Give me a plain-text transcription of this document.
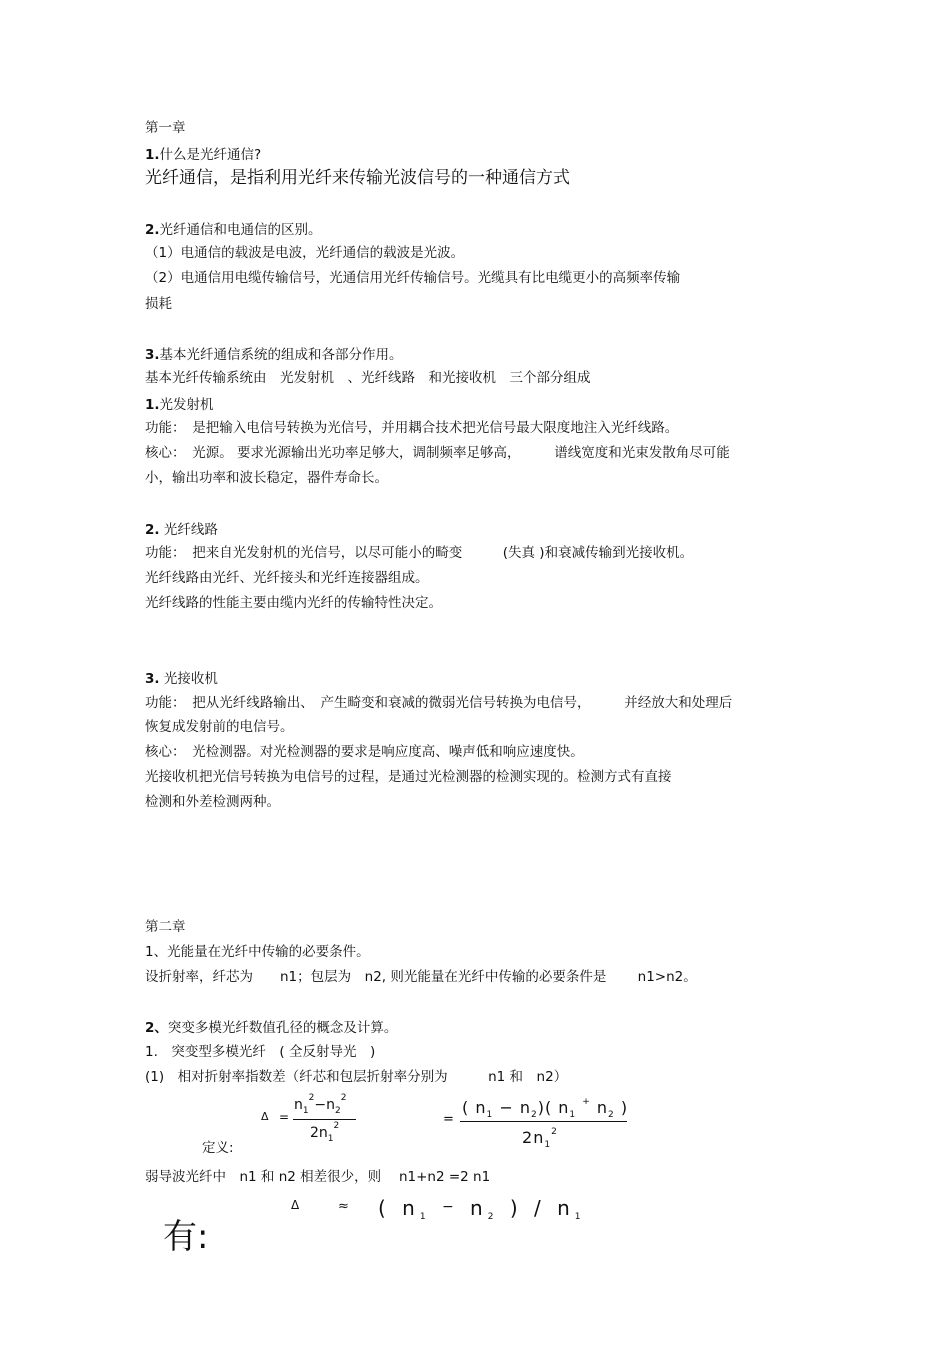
第一章
1.什么是光纤通信?
光纤通信，是指利用光纤来传输光波信号的一种通信方式
2.光纤通信和电通信的区别。
（1）电通信的载波是电波，光纤通信的载波是光波。
（2）电通信用电缆传输信号，光通信用光纤传输信号。光缆具有比电缆更小的高频率传输
损耗
3.基本光纤通信系统的组成和各部分作用。
基本光纤传输系统由　光发射机　、光纤线路　和光接收机　三个部分组成
1.光发射机
功能：　是把输入电信号转换为光信号，并用耦合技术把光信号最大限度地注入光纤线路。
核心：　光源。 要求光源输出光功率足够大，调制频率足够高，　　　谱线宽度和光束发散角尽可能
小，输出功率和波长稳定，器件寿命长。
2. 光纤线路
功能：　把来自光发射机的光信号，以尽可能小的畸变　　　(失真 )和衰减传输到光接收机。
光纤线路由光纤、光纤接头和光纤连接器组成。
光纤线路的性能主要由缆内光纤的传输特性决定。
3. 光接收机
功能：　把从光纤线路输出、　产生畸变和衰减的微弱光信号转换为电信号，　　　并经放大和处理后
恢复成发射前的电信号。
核心：　光检测器。对光检测器的要求是响应度高、噪声低和响应速度快。
光接收机把光信号转换为电信号的过程，是通过光检测器的检测实现的。检测方式有直接
检测和外差检测两种。
第二章
1、光能量在光纤中传输的必要条件。
设折射率，纤芯为　　n1；包层为　n2, 则光能量在光纤中传输的必要条件是　　 n1>n2。
2、突变多模光纤数值孔径的概念及计算。
1.　突变型多模光纤　( 全反射导光　)
(1)　相对折射率指数差（纤芯和包层折射率分别为　　　n1 和　n2）
Δ =
$n_1^2-n_2^2$
$2n_1^2$
定义:
=
( $n_1 - n_2$)( $n_1$ + $n_2$ )
$2n_1^2$
弱导波光纤中　n1 和 n2 相差很少，则　 n1+n2 =2 n1
有:
Δ	≈ ( $n_1$ − $n_2$ ) / $n_1$
